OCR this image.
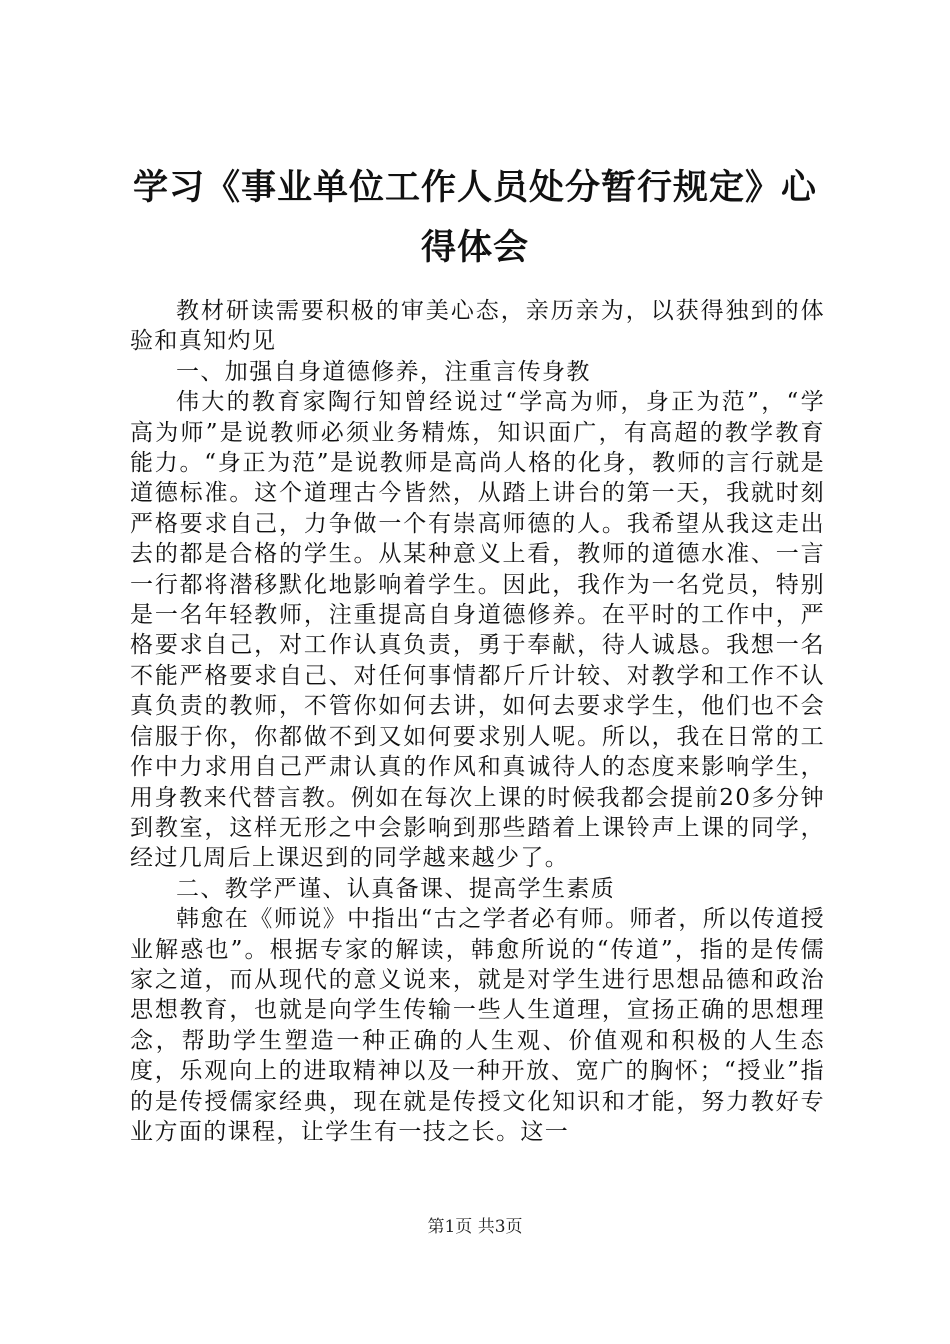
学习《事业单位工作人员处分暂行规定》心得体会

教材研读需要积极的审美心态，亲历亲为，以获得独到的体验和真知灼见

一、加强自身道德修养，注重言传身教

伟大的教育家陶行知曾经说过“学高为师，身正为范”，“学高为师”是说教师必须业务精炼，知识面广，有高超的教学教育能力。“身正为范”是说教师是高尚人格的化身，教师的言行就是道德标准。这个道理古今皆然，从踏上讲台的第一天，我就时刻严格要求自己，力争做一个有崇高师德的人。我希望从我这走出去的都是合格的学生。从某种意义上看，教师的道德水准、一言一行都将潜移默化地影响着学生。因此，我作为一名党员，特别是一名年轻教师，注重提高自身道德修养。在平时的工作中，严格要求自己，对工作认真负责，勇于奉献，待人诚恳。我想一名不能严格要求自己、对任何事情都斤斤计较、对教学和工作不认真负责的教师，不管你如何去讲，如何去要求学生，他们也不会信服于你，你都做不到又如何要求别人呢。所以，我在日常的工作中力求用自己严肃认真的作风和真诚待人的态度来影响学生，用身教来代替言教。例如在每次上课的时候我都会提前20多分钟到教室，这样无形之中会影响到那些踏着上课铃声上课的同学，经过几周后上课迟到的同学越来越少了。

二、教学严谨、认真备课、提高学生素质

韩愈在《师说》中指出“古之学者必有师。师者，所以传道授业解惑也”。根据专家的解读，韩愈所说的“传道”，指的是传儒家之道，而从现代的意义说来，就是对学生进行思想品德和政治思想教育，也就是向学生传输一些人生道理，宣扬正确的思想理念，帮助学生塑造一种正确的人生观、价值观和积极的人生态度，乐观向上的进取精神以及一种开放、宽广的胸怀；“授业”指的是传授儒家经典，现在就是传授文化知识和才能，努力教好专业方面的课程，让学生有一技之长。这一

第1页 共3页
